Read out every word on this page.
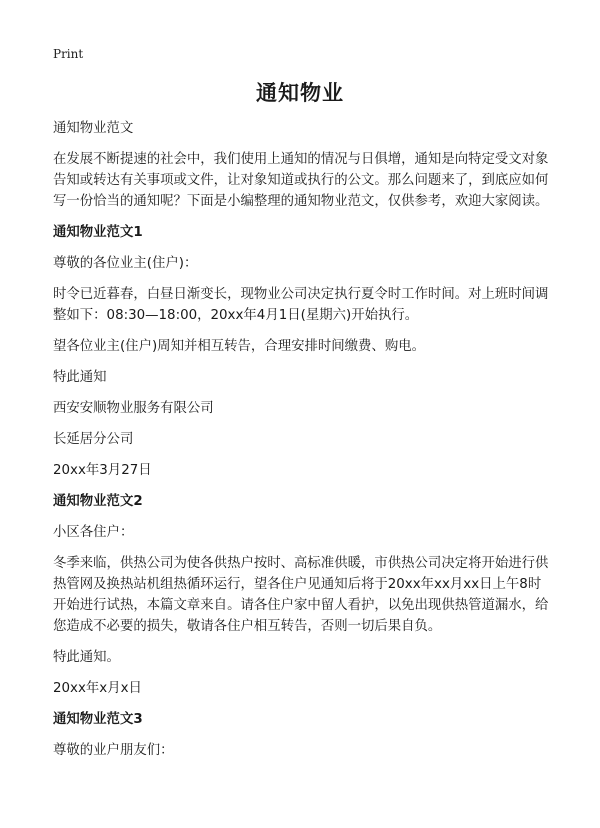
Print
通知物业

通知物业范文

在发展不断提速的社会中，我们使用上通知的情况与日俱增，通知是向特定受文对象告知或转达有关事项或文件，让对象知道或执行的公文。那么问题来了，到底应如何写一份恰当的通知呢？下面是小编整理的通知物业范文，仅供参考，欢迎大家阅读。

通知物业范文1

尊敬的各位业主(住户)：

时令已近暮春，白昼日渐变长，现物业公司决定执行夏令时工作时间。对上班时间调整如下：08:30—18:00，20xx年4月1日(星期六)开始执行。

望各位业主(住户)周知并相互转告，合理安排时间缴费、购电。

特此通知

西安安顺物业服务有限公司

长延居分公司

20xx年3月27日

通知物业范文2

小区各住户：

冬季来临，供热公司为使各供热户按时、高标准供暖，市供热公司决定将开始进行供热管网及换热站机组热循环运行，望各住户见通知后将于20xx年xx月xx日上午8时开始进行试热，本篇文章来自。请各住户家中留人看护，以免出现供热管道漏水，给您造成不必要的损失，敬请各住户相互转告，否则一切后果自负。

特此通知。

20xx年x月x日

通知物业范文3

尊敬的业户朋友们：
